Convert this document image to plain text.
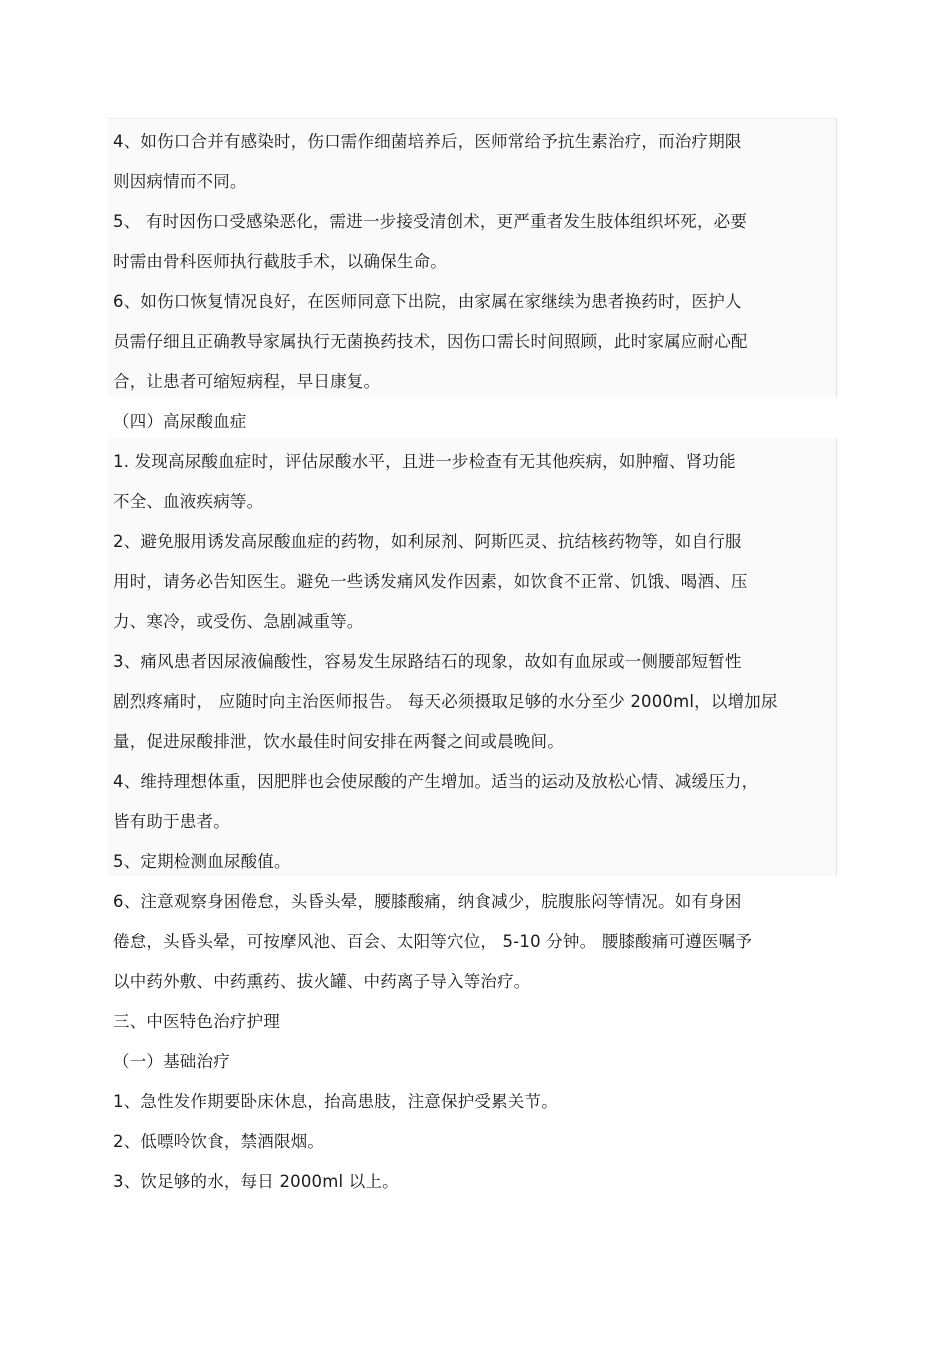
4、如伤口合并有感染时，伤口需作细菌培养后，医师常给予抗生素治疗，而治疗期限
则因病情而不同。
5、 有时因伤口受感染恶化，需进一步接受清创术，更严重者发生肢体组织坏死，必要
时需由骨科医师执行截肢手术，以确保生命。
6、如伤口恢复情况良好，在医师同意下出院，由家属在家继续为患者换药时，医护人
员需仔细且正确教导家属执行无菌换药技术，因伤口需长时间照顾，此时家属应耐心配
合，让患者可缩短病程，早日康复。
（四）高尿酸血症
1. 发现高尿酸血症时，评估尿酸水平，且进一步检查有无其他疾病，如肿瘤、肾功能
不全、血液疾病等。
2、避免服用诱发高尿酸血症的药物，如利尿剂、阿斯匹灵、抗结核药物等，如自行服
用时，请务必告知医生。避免一些诱发痛风发作因素，如饮食不正常、饥饿、喝酒、压
力、寒冷，或受伤、急剧减重等。
3、痛风患者因尿液偏酸性，容易发生尿路结石的现象，故如有血尿或一侧腰部短暂性
剧烈疼痛时， 应随时向主治医师报告。 每天必须摄取足够的水分至少 2000ml，以增加尿
量，促进尿酸排泄，饮水最佳时间安排在两餐之间或晨晚间。
4、维持理想体重，因肥胖也会使尿酸的产生增加。适当的运动及放松心情、减缓压力，
皆有助于患者。
5、定期检测血尿酸值。
6、注意观察身困倦怠，头昏头晕，腰膝酸痛，纳食减少，脘腹胀闷等情况。如有身困
倦怠，头昏头晕，可按摩风池、百会、太阳等穴位， 5-10 分钟。 腰膝酸痛可遵医嘱予
以中药外敷、中药熏药、拔火罐、中药离子导入等治疗。
三、中医特色治疗护理
（一）基础治疗
1、急性发作期要卧床休息，抬高患肢，注意保护受累关节。
2、低嘌呤饮食，禁酒限烟。
3、饮足够的水，每日 2000ml 以上。
